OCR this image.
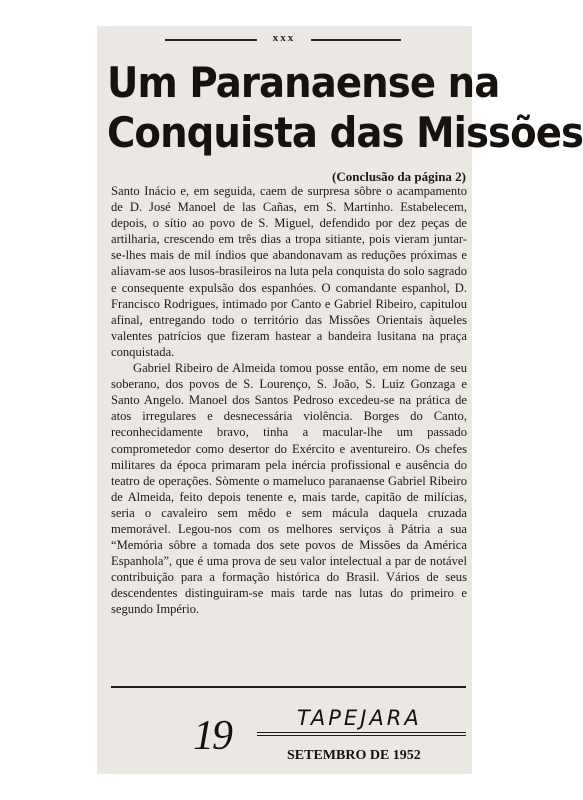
xxx
Um Paranaense na
Conquista das Missões
(Conclusão da página 2)

Santo Inácio e, em seguida, caem de surpresa sôbre o acampamento de D. José Manoel de las Cañas, em S. Martinho. Estabelecem, depois, o sítio ao povo de S. Miguel, defendido por dez peças de artilharia, crescendo em três dias a tropa sitiante, pois vieram juntar-se-lhes mais de mil índios que abandonavam as reduções próximas e aliavam-se aos lusos-brasileiros na luta pela conquista do solo sagrado e consequente expulsão dos espanhóes. O comandante espanhol, D. Francisco Rodrigues, intimado por Canto e Gabriel Ribeiro, capitulou afinal, entregando todo o território das Missões Orientais àqueles valentes patrícios que fizeram hastear a bandeira lusitana na praça conquistada.

Gabriel Ribeiro de Almeida tomou posse então, em nome de seu soberano, dos povos de S. Lourenço, S. João, S. Luiz Gonzaga e Santo Angelo. Manoel dos Santos Pedroso excedeu-se na prática de atos irregulares e desnecessária violência. Borges do Canto, reconhecidamente bravo, tinha a macular-lhe um passado comprometedor como desertor do Exército e aventureiro. Os chefes militares da época primaram pela inércia profissional e ausência do teatro de operações. Sòmente o mameluco paranaense Gabriel Ribeiro de Almeida, feito depois tenente e, mais tarde, capitão de milícias, seria o cavaleiro sem mêdo e sem mácula daquela cruzada memorável. Legou-nos com os melhores serviços à Pátria a sua “Memória sôbre a tomada dos sete povos de Missões da América Espanhola”, que é uma prova de seu valor intelectual a par de notável contribuição para a formação histórica do Brasil. Vários de seus descendentes distinguiram-se mais tarde nas lutas do primeiro e segundo Império.

19	TAPEJARA
SETEMBRO DE 1952
